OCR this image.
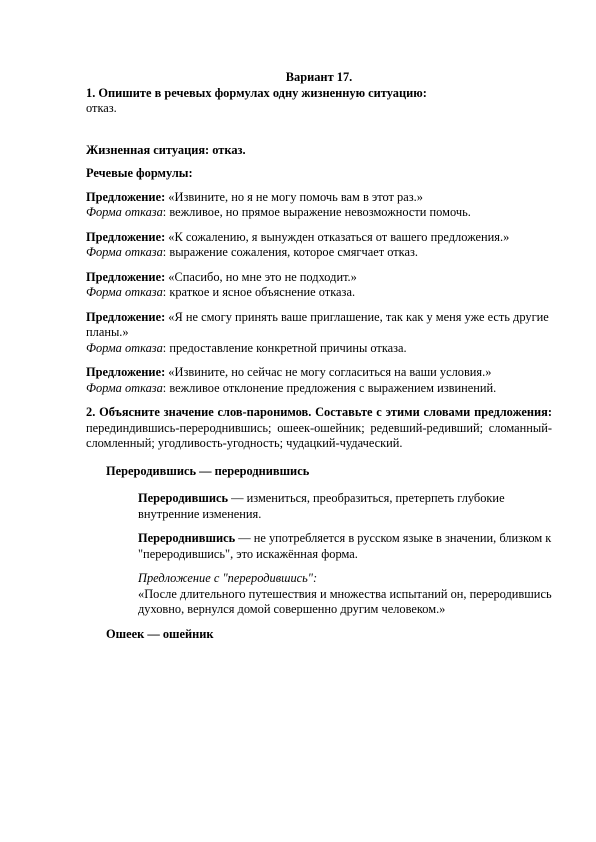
Вариант 17.

1. Опишите в речевых формулах одну жизненную ситуацию:

отказ.

Жизненная ситуация: отказ.

Речевые формулы:

Предложение: «Извините, но я не могу помочь вам в этот раз.»

Форма отказа: вежливое, но прямое выражение невозможности помочь.

Предложение: «К сожалению, я вынужден отказаться от вашего предложения.»

Форма отказа: выражение сожаления, которое смягчает отказ.

Предложение: «Спасибо, но мне это не подходит.»

Форма отказа: краткое и ясное объяснение отказа.

Предложение: «Я не смогу принять ваше приглашение, так как у меня уже есть другие планы.»

Форма отказа: предоставление конкретной причины отказа.

Предложение: «Извините, но сейчас не могу согласиться на ваши условия.»

Форма отказа: вежливое отклонение предложения с выражением извинений.

2. Объясните значение слов-паронимов. Составьте с этими словами предложения: перединдившись-перероднившись; ошеек-ошейник; редевший-редивший; сломанный-сломленный; угодливость-угодность; чудацкий-чудаческий.

Переродившись — перероднившись

Переродившись — измениться, преобразиться, претерпеть глубокие внутренние изменения.

Перероднившись — не употребляется в русском языке в значении, близком к "переродившись", это искажённая форма.

Предложение с "переродившись":

«После длительного путешествия и множества испытаний он, переродившись духовно, вернулся домой совершенно другим человеком.»

Ошеек — ошейник
